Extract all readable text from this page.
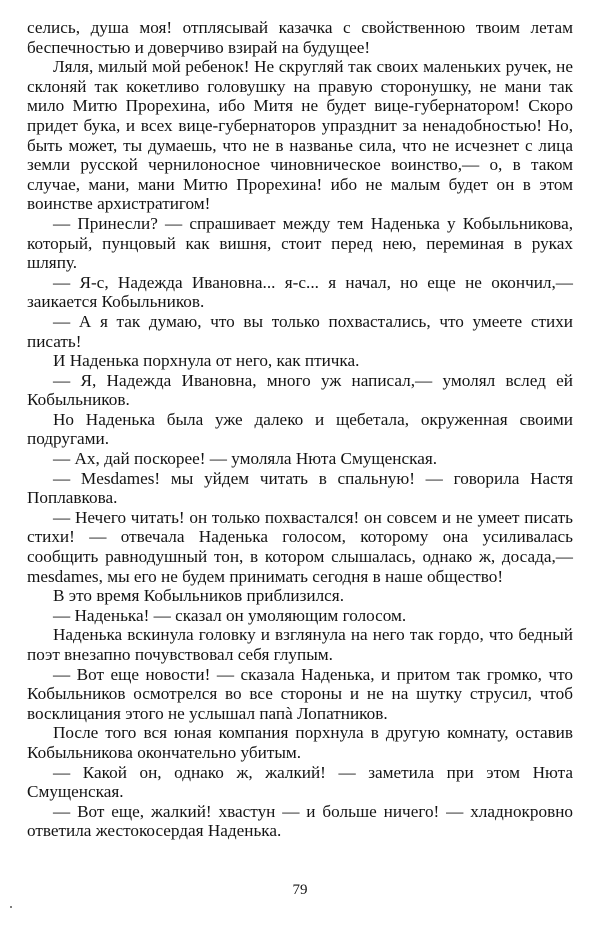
селись, душа моя! отплясывай казачка с свойственною твоим летам беспечностью и доверчиво взирай на будущее!

Ляля, милый мой ребенок! Не скругляй так своих маленьких ручек, не склоняй так кокетливо головушку на правую сторонушку, не мани так мило Митю Прорехина, ибо Митя не будет вице-губернатором! Скоро придет бука, и всех вице-губернаторов упразднит за ненадобностью! Но, быть может, ты думаешь, что не в названье сила, что не исчезнет с лица земли русской чернилоносное чиновническое воинство,— о, в таком случае, мани, мани Митю Прорехина! ибо не малым будет он в этом воинстве архистратигом!

— Принесли? — спрашивает между тем Наденька у Кобыльникова, который, пунцовый как вишня, стоит перед нею, переминая в руках шляпу.

— Я-с, Надежда Ивановна... я-с... я начал, но еще не окончил,— заикается Кобыльников.

— А я так думаю, что вы только похвастались, что умеете стихи писать!

И Наденька порхнула от него, как птичка.

— Я, Надежда Ивановна, много уж написал,— умолял вслед ей Кобыльников.

Но Наденька была уже далеко и щебетала, окруженная своими подругами.

— Ах, дай поскорее! — умоляла Нюта Смущенская.

— Mesdames! мы уйдем читать в спальную! — говорила Настя Поплавкова.

— Нечего читать! он только похвастался! он совсем и не умеет писать стихи! — отвечала Наденька голосом, которому она усиливалась сообщить равнодушный тон, в котором слышалась, однако ж, досада,— mesdames, мы его не будем принимать сегодня в наше общество!

В это время Кобыльников приблизился.

— Наденька! — сказал он умоляющим голосом.

Наденька вскинула головку и взглянула на него так гордо, что бедный поэт внезапно почувствовал себя глупым.

— Вот еще новости! — сказала Наденька, и притом так громко, что Кобыльников осмотрелся во все стороны и не на шутку струсил, чтоб восклицания этого не услышал папà Лопатников.

После того вся юная компания порхнула в другую комнату, оставив Кобыльникова окончательно убитым.

— Какой он, однако ж, жалкий! — заметила при этом Нюта Смущенская.

— Вот еще, жалкий! хвастун — и больше ничего! — хладнокровно ответила жестокосердая Наденька.

79
